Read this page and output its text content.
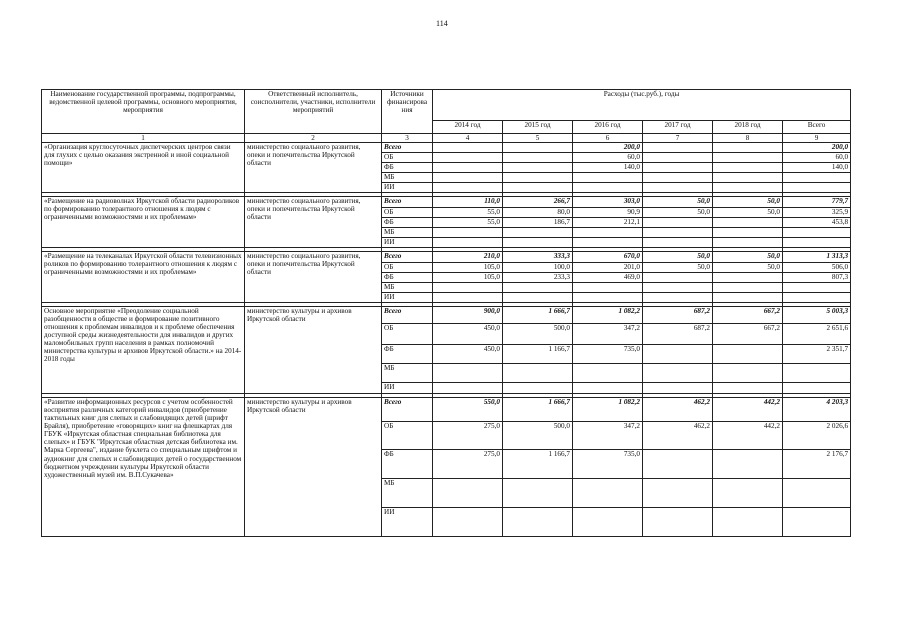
114
Наименование государственной программы, подпрограммы, ведомственной целевой программы, основного мероприятия, мероприятия	Ответственный исполнитель, соисполнители, участники, исполнители мероприятий	Источники финансирова ния	Расходы (тыс.руб.), годы					
			2014 год	2015 год	2016 год	2017 год	2018 год	Всего
1	2	3	4	5	6	7	8	9
«Организация круглосуточных диспетчерских центров связи для глухих с целью оказания экстренной и иной социальной помощи»	министерство социального развития, опеки и попечительства Иркутской области	Всего			200,0			200,0
		ОБ			60,0			60,0
		ФБ			140,0			140,0
		МБ						
		ИИ						

«Размещение на радиоволнах Иркутской области радиороликов по формированию толерантного отношения к людям с ограниченными возможностями и их проблемам»	министерство социального развития, опеки и попечительства Иркутской области	Всего	110,0	266,7	303,0	50,0	50,0	779,7
		ОБ	55,0	80,0	90,9	50,0	50,0	325,9
		ФБ	55,0	186,7	212,1			453,8
		МБ						
		ИИ						

«Размещение на телеканалах Иркутской области телевизионных роликов по формированию толерантного отношения к людям с ограниченными возможностями и их проблемам»	министерство социального развития, опеки и попечительства Иркутской области	Всего	210,0	333,3	670,0	50,0	50,0	1 313,3
		ОБ	105,0	100,0	201,0	50,0	50,0	506,0
		ФБ	105,0	233,3	469,0			807,3
		МБ						
		ИИ						

Основное мероприятие «Преодоление социальной разобщенности в обществе и формирование позитивного отношения к проблемам инвалидов и к проблеме обеспечения доступной среды жизнедеятельности для инвалидов и других маломобильных групп населения в рамках полномочий министерства культуры и архивов Иркутской области.» на 2014-2018 годы	министерство культуры и архивов Иркутской области	Всего	900,0	1 666,7	1 082,2	687,2	667,2	5 003,3
		ОБ	450,0	500,0	347,2	687,2	667,2	2 651,6
		ФБ	450,0	1 166,7	735,0			2 351,7
		МБ						
		ИИ						

«Развитие информационных ресурсов с учетом особенностей восприятия различных категорий инвалидов (приобретение тактильных книг для слепых и слабовидящих детей (шрифт Брайля), приобретение «говорящих» книг на флешкартах для ГБУК «Иркутская областная специальная библиотека для слепых» и ГБУК "Иркутская областная детская библиотека им. Марка Сергеева", издание буклета со специальным шрифтом и аудиокниг для слепых и слабовидящих детей о государственном бюджетном учреждении культуры Иркутской области художественный музей им. В.П.Сукачева»	министерство культуры и архивов Иркутской области	Всего	550,0	1 666,7	1 082,2	462,2	442,2	4 203,3
		ОБ	275,0	500,0	347,2	462,2	442,2	2 026,6
		ФБ	275,0	1 166,7	735,0			2 176,7
		МБ						
		ИИ						
